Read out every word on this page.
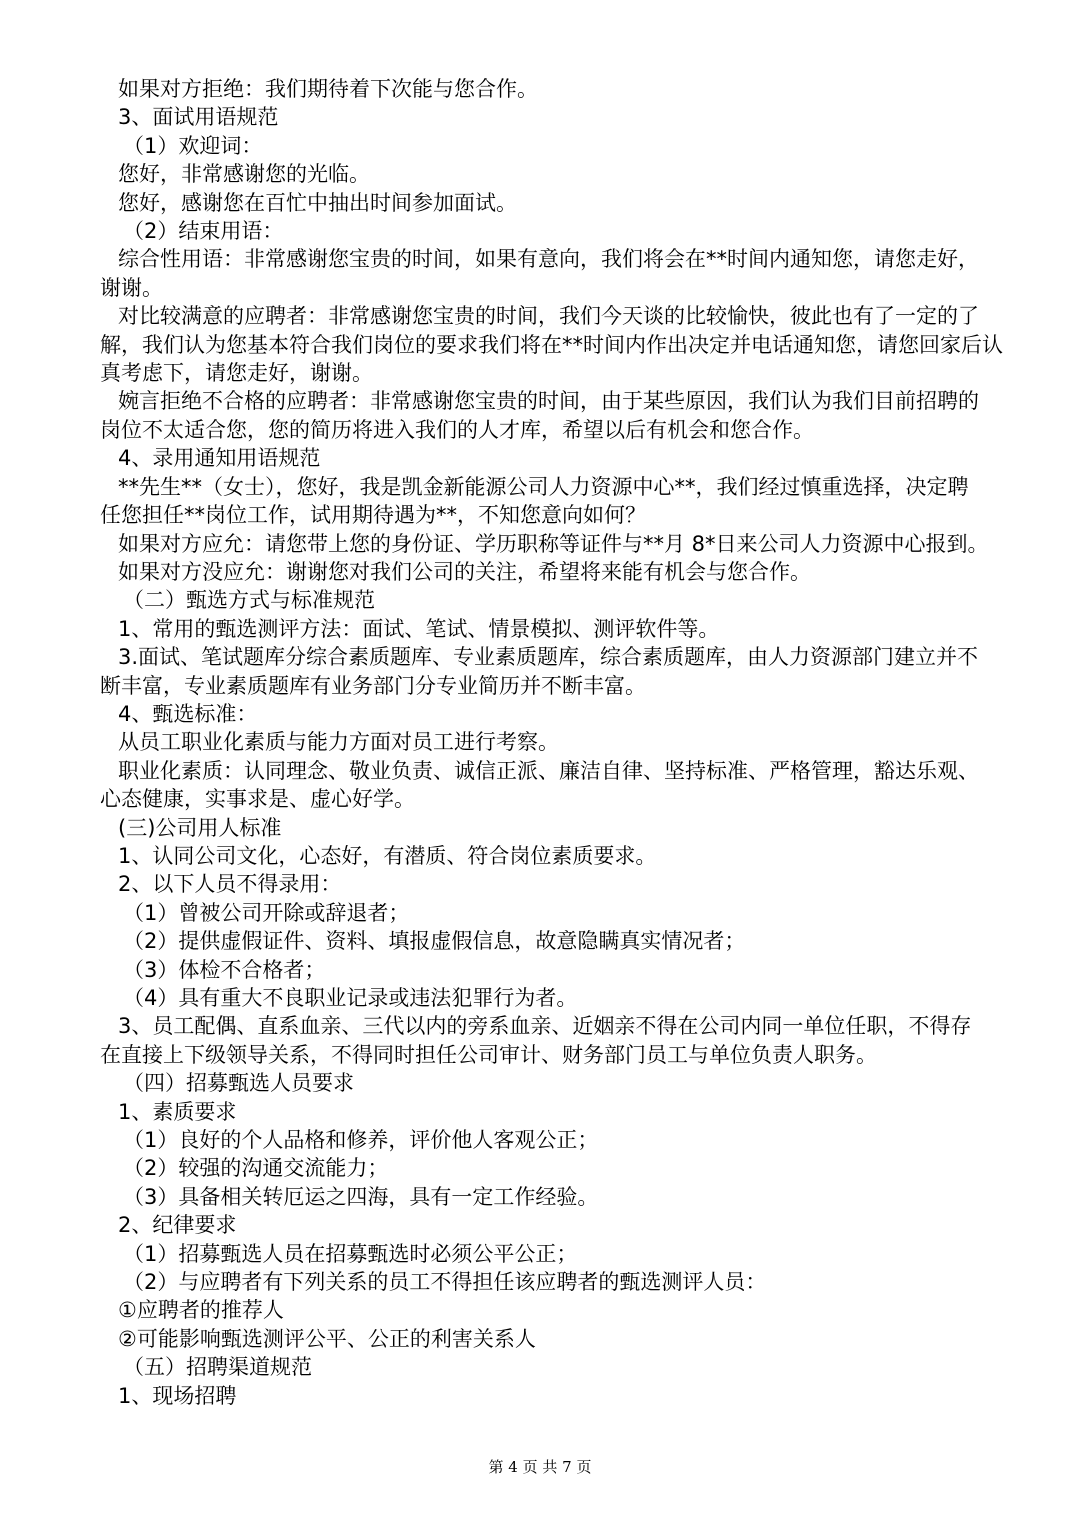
如果对方拒绝：我们期待着下次能与您合作。

3、面试用语规范

（1）欢迎词：

您好，非常感谢您的光临。

您好，感谢您在百忙中抽出时间参加面试。

（2）结束用语：

综合性用语：非常感谢您宝贵的时间，如果有意向，我们将会在**时间内通知您，请您走好，

谢谢。

对比较满意的应聘者：非常感谢您宝贵的时间，我们今天谈的比较愉快，彼此也有了一定的了

解，我们认为您基本符合我们岗位的要求我们将在**时间内作出决定并电话通知您，请您回家后认

真考虑下，请您走好，谢谢。

婉言拒绝不合格的应聘者：非常感谢您宝贵的时间，由于某些原因，我们认为我们目前招聘的

岗位不太适合您，您的简历将进入我们的人才库，希望以后有机会和您合作。

4、录用通知用语规范

**先生**（女士），您好，我是凯金新能源公司人力资源中心**，我们经过慎重选择，决定聘

任您担任**岗位工作，试用期待遇为**，不知您意向如何？

如果对方应允：请您带上您的身份证、学历职称等证件与**月 8*日来公司人力资源中心报到。

如果对方没应允：谢谢您对我们公司的关注，希望将来能有机会与您合作。

（二）甄选方式与标准规范

1、常用的甄选测评方法：面试、笔试、情景模拟、测评软件等。

3.面试、笔试题库分综合素质题库、专业素质题库，综合素质题库，由人力资源部门建立并不

断丰富，专业素质题库有业务部门分专业简历并不断丰富。

4、甄选标准：

从员工职业化素质与能力方面对员工进行考察。

职业化素质：认同理念、敬业负责、诚信正派、廉洁自律、坚持标准、严格管理，豁达乐观、

心态健康，实事求是、虚心好学。

(三)公司用人标准

1、认同公司文化，心态好，有潜质、符合岗位素质要求。

2、以下人员不得录用：

（1）曾被公司开除或辞退者；

（2）提供虚假证件、资料、填报虚假信息，故意隐瞒真实情况者；

（3）体检不合格者；

（4）具有重大不良职业记录或违法犯罪行为者。

3、员工配偶、直系血亲、三代以内的旁系血亲、近姻亲不得在公司内同一单位任职，不得存

在直接上下级领导关系，不得同时担任公司审计、财务部门员工与单位负责人职务。

（四）招募甄选人员要求

1、素质要求

（1）良好的个人品格和修养，评价他人客观公正；

（2）较强的沟通交流能力；

（3）具备相关转厄运之四海，具有一定工作经验。

2、纪律要求

（1）招募甄选人员在招募甄选时必须公平公正；

（2）与应聘者有下列关系的员工不得担任该应聘者的甄选测评人员：

①应聘者的推荐人

②可能影响甄选测评公平、公正的利害关系人

（五）招聘渠道规范

1、现场招聘

第 4 页 共 7 页
